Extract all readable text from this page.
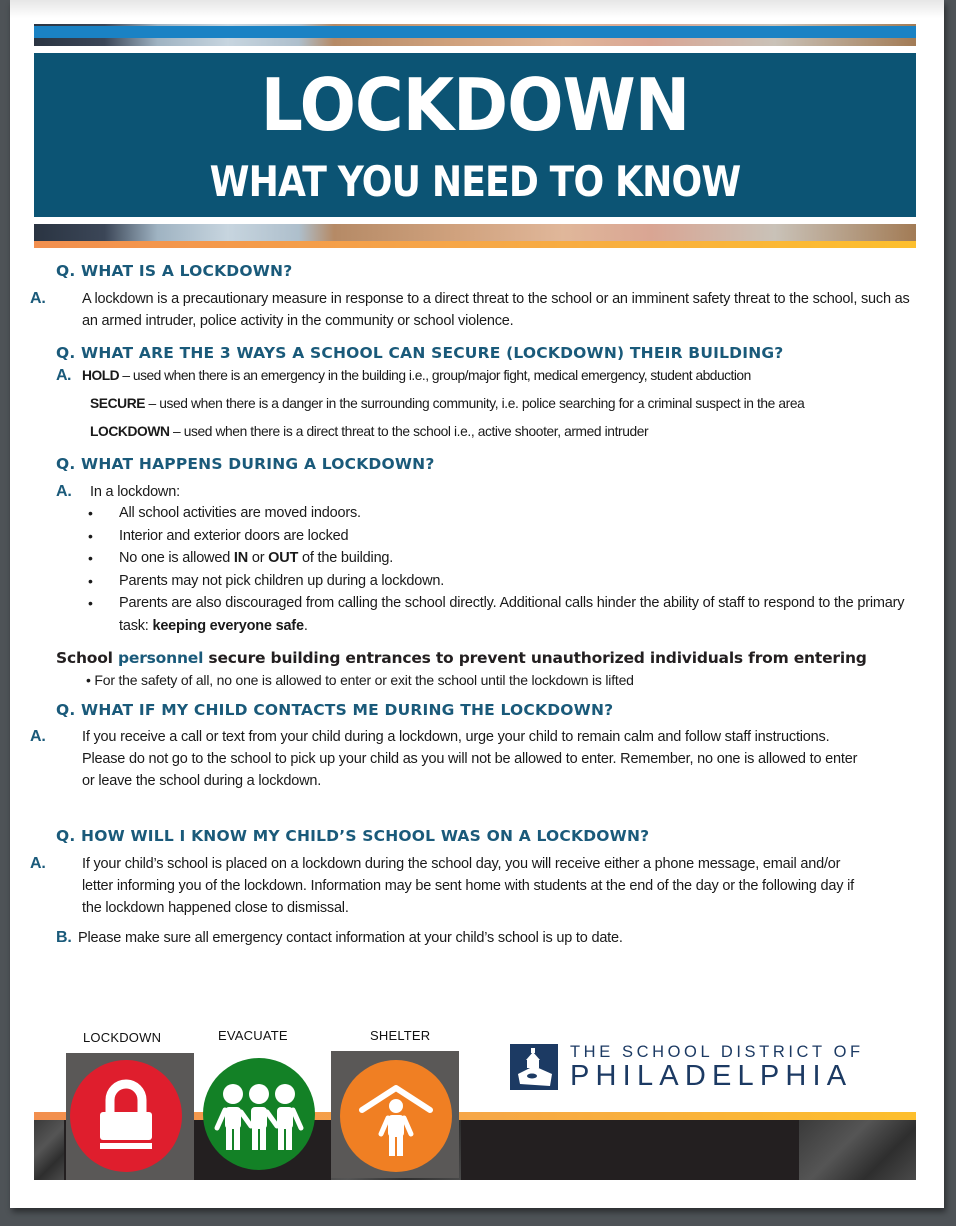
LOCKDOWN
WHAT YOU NEED TO KNOW
Q. WHAT IS A LOCKDOWN?
A.	A lockdown is a precautionary measure in response to a direct threat to the school or an imminent safety threat to the school, such as an armed intruder, police activity in the community or school violence.
Q. WHAT ARE THE 3 WAYS A SCHOOL CAN SECURE (LOCKDOWN) THEIR BUILDING?
A. HOLD – used when there is an emergency in the building i.e., group/major fight, medical emergency, student abduction
SECURE – used when there is a danger in the surrounding community, i.e. police searching for a criminal suspect in the area
LOCKDOWN – used when there is a direct threat to the school i.e., active shooter, armed intruder
Q. WHAT HAPPENS DURING A LOCKDOWN?
A. In a lockdown:
• All school activities are moved indoors.
• Interior and exterior doors are locked
• No one is allowed IN or OUT of the building.
• Parents may not pick children up during a lockdown.
• Parents are also discouraged from calling the school directly. Additional calls hinder the ability of staff to respond to the primary task: keeping everyone safe.
School personnel secure building entrances to prevent unauthorized individuals from entering
• For the safety of all, no one is allowed to enter or exit the school until the lockdown is lifted
Q. WHAT IF MY CHILD CONTACTS ME DURING THE LOCKDOWN?
A.	If you receive a call or text from your child during a lockdown, urge your child to remain calm and follow staff instructions. Please do not go to the school to pick up your child as you will not be allowed to enter. Remember, no one is allowed to enter or leave the school during a lockdown.
Q. HOW WILL I KNOW MY CHILD’S SCHOOL WAS ON A LOCKDOWN?
A.	If your child’s school is placed on a lockdown during the school day, you will receive either a phone message, email and/or letter informing you of the lockdown. Information may be sent home with students at the end of the day or the following day if the lockdown happened close to dismissal.
B. Please make sure all emergency contact information at your child’s school is up to date.
LOCKDOWN	EVACUATE	SHELTER
THE SCHOOL DISTRICT OF
PHILADELPHIA
